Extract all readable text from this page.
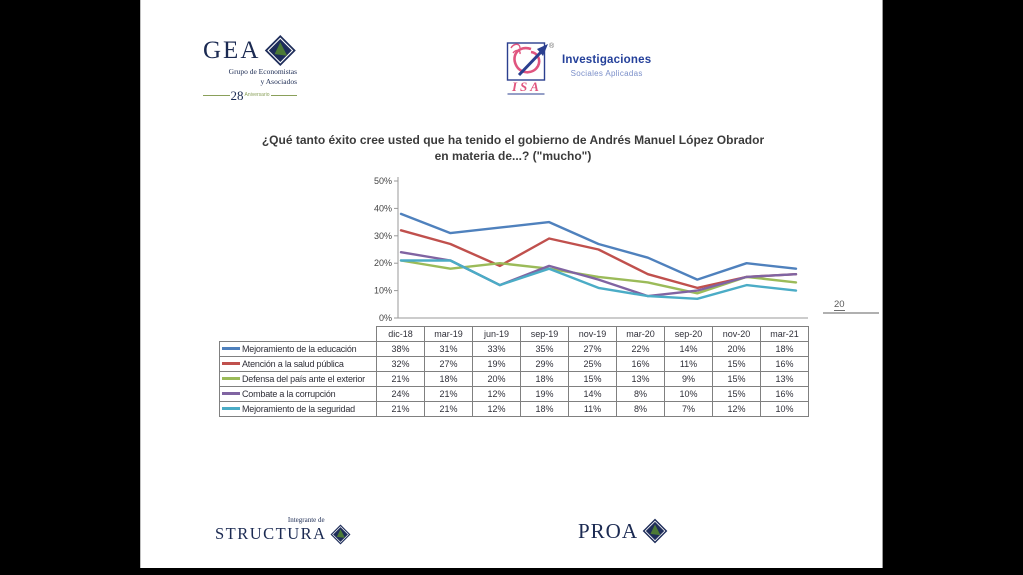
GEA
Grupo de Economistas
y Asociados
28 Aniversario
®
ISA
Investigaciones
Sociales Aplicadas
¿Qué tanto éxito cree usted que ha tenido el gobierno de Andrés Manuel López Obrador
en materia de...? ("mucho")
0%
10%
20%
30%
40%
50%
	dic-18	mar-19	jun-19	sep-19	nov-19	mar-20	sep-20	nov-20	mar-21
Mejoramiento de la educación	38%	31%	33%	35%	27%	22%	14%	20%	18%
Atención a la salud pública	32%	27%	19%	29%	25%	16%	11%	15%	16%
Defensa del país ante el exterior	21%	18%	20%	18%	15%	13%	9%	15%	13%
Combate a la corrupción	24%	21%	12%	19%	14%	8%	10%	15%	16%
Mejoramiento de la seguridad	21%	21%	12%	18%	11%	8%	7%	12%	10%
20
Integrante de
STRUCTURA	PROA
